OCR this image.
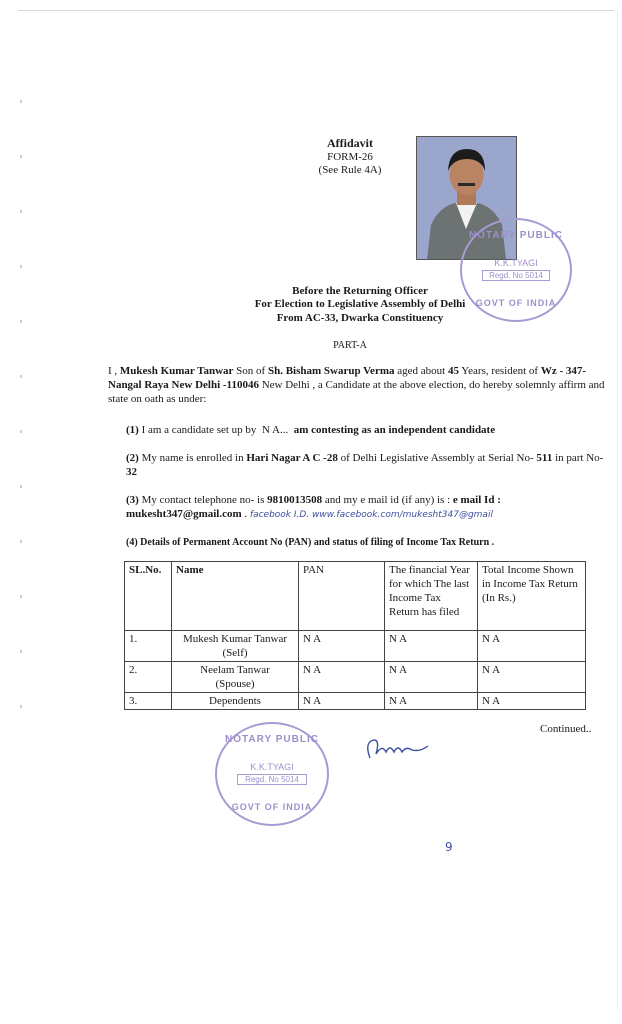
Affidavit
FORM-26
(See Rule 4A)
NOTARY PUBLIC
K.K.TYAGI
Regd. No 5014
GOVT OF INDIA
Before the Returning Officer
For Election to Legislative Assembly of Delhi
From AC-33, Dwarka Constituency
PART-A
I , Mukesh Kumar Tanwar Son of Sh. Bisham Swarup Verma aged about 45 Years, resident of Wz - 347- Nangal Raya New Delhi -110046 New Delhi , a Candidate at the above election, do hereby solemnly affirm and state on oath as under:
(1) I am a candidate set up by N A... am contesting as an independent candidate
(2) My name is enrolled in Hari Nagar A C -28 of Delhi Legislative Assembly at Serial No- 511 in part No- 32
(3) My contact telephone no- is 9810013508 and my e mail id (if any) is : e mail Id :
mukesht347@gmail.com . facebook I.D. www.facebook.com/mukesht347@gmail
(4) Details of Permanent Account No (PAN) and status of filing of Income Tax Return .
SL.No.	Name	PAN	The financial Year for which The last Income Tax Return has filed	Total Income Shown in Income Tax Return (In Rs.)
1.	Mukesh Kumar Tanwar
(Self)	N A	N A	N A
2.	Neelam Tanwar
(Spouse)	N A	N A	N A
3.	Dependents	N A	N A	N A
Continued..
NOTARY PUBLIC
K.K.TYAGI
Regd. No 5014
GOVT OF INDIA
9
